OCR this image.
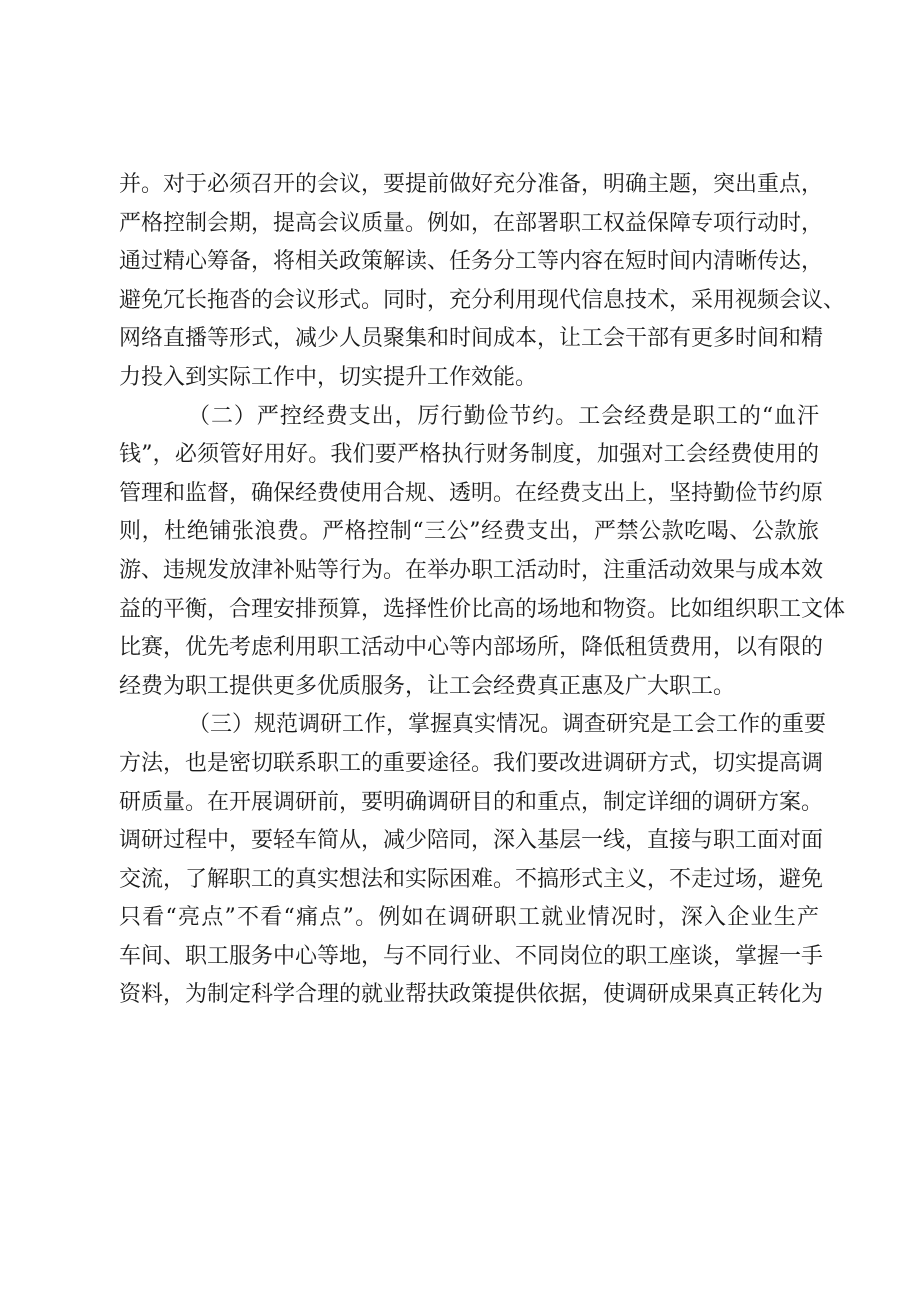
并。对于必须召开的会议，要提前做好充分准备，明确主题，突出重点，
严格控制会期，提高会议质量。例如，在部署职工权益保障专项行动时，
通过精心筹备，将相关政策解读、任务分工等内容在短时间内清晰传达，
避免冗长拖沓的会议形式。同时，充分利用现代信息技术，采用视频会议、
网络直播等形式，减少人员聚集和时间成本，让工会干部有更多时间和精
力投入到实际工作中，切实提升工作效能。
（二）严控经费支出，厉行勤俭节约。工会经费是职工的“血汗
钱”，必须管好用好。我们要严格执行财务制度，加强对工会经费使用的
管理和监督，确保经费使用合规、透明。在经费支出上，坚持勤俭节约原
则，杜绝铺张浪费。严格控制“三公”经费支出，严禁公款吃喝、公款旅
游、违规发放津补贴等行为。在举办职工活动时，注重活动效果与成本效
益的平衡，合理安排预算，选择性价比高的场地和物资。比如组织职工文体
比赛，优先考虑利用职工活动中心等内部场所，降低租赁费用，以有限的
经费为职工提供更多优质服务，让工会经费真正惠及广大职工。
（三）规范调研工作，掌握真实情况。调查研究是工会工作的重要
方法，也是密切联系职工的重要途径。我们要改进调研方式，切实提高调
研质量。在开展调研前，要明确调研目的和重点，制定详细的调研方案。
调研过程中，要轻车简从，减少陪同，深入基层一线，直接与职工面对面
交流，了解职工的真实想法和实际困难。不搞形式主义，不走过场，避免
只看“亮点”不看“痛点”。例如在调研职工就业情况时，深入企业生产
车间、职工服务中心等地，与不同行业、不同岗位的职工座谈，掌握一手
资料，为制定科学合理的就业帮扶政策提供依据，使调研成果真正转化为
